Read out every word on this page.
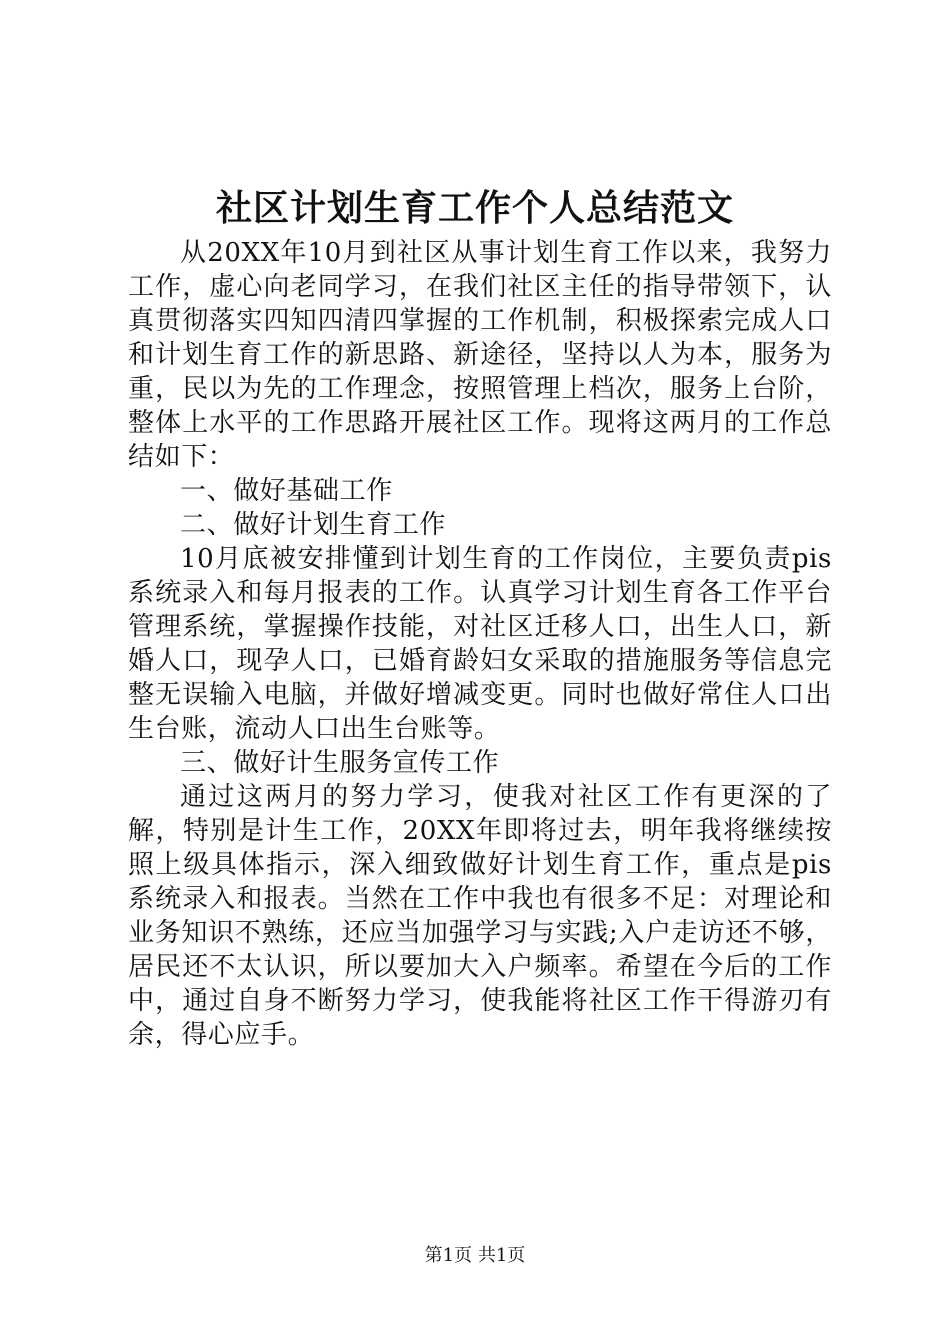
社区计划生育工作个人总结范文

从20XX年10月到社区从事计划生育工作以来，我努力工作，虚心向老同学习，在我们社区主任的指导带领下，认真贯彻落实四知四清四掌握的工作机制，积极探索完成人口和计划生育工作的新思路、新途径，坚持以人为本，服务为重，民以为先的工作理念，按照管理上档次，服务上台阶，整体上水平的工作思路开展社区工作。现将这两月的工作总结如下：

一、做好基础工作

二、做好计划生育工作

10月底被安排懂到计划生育的工作岗位，主要负责pis系统录入和每月报表的工作。认真学习计划生育各工作平台管理系统，掌握操作技能，对社区迁移人口，出生人口，新婚人口，现孕人口，已婚育龄妇女采取的措施服务等信息完整无误输入电脑，并做好增减变更。同时也做好常住人口出生台账，流动人口出生台账等。

三、做好计生服务宣传工作

通过这两月的努力学习，使我对社区工作有更深的了解，特别是计生工作，20XX年即将过去，明年我将继续按照上级具体指示，深入细致做好计划生育工作，重点是pis系统录入和报表。当然在工作中我也有很多不足：对理论和业务知识不熟练，还应当加强学习与实践;入户走访还不够，居民还不太认识，所以要加大入户频率。希望在今后的工作中，通过自身不断努力学习，使我能将社区工作干得游刃有余，得心应手。

第1页 共1页
